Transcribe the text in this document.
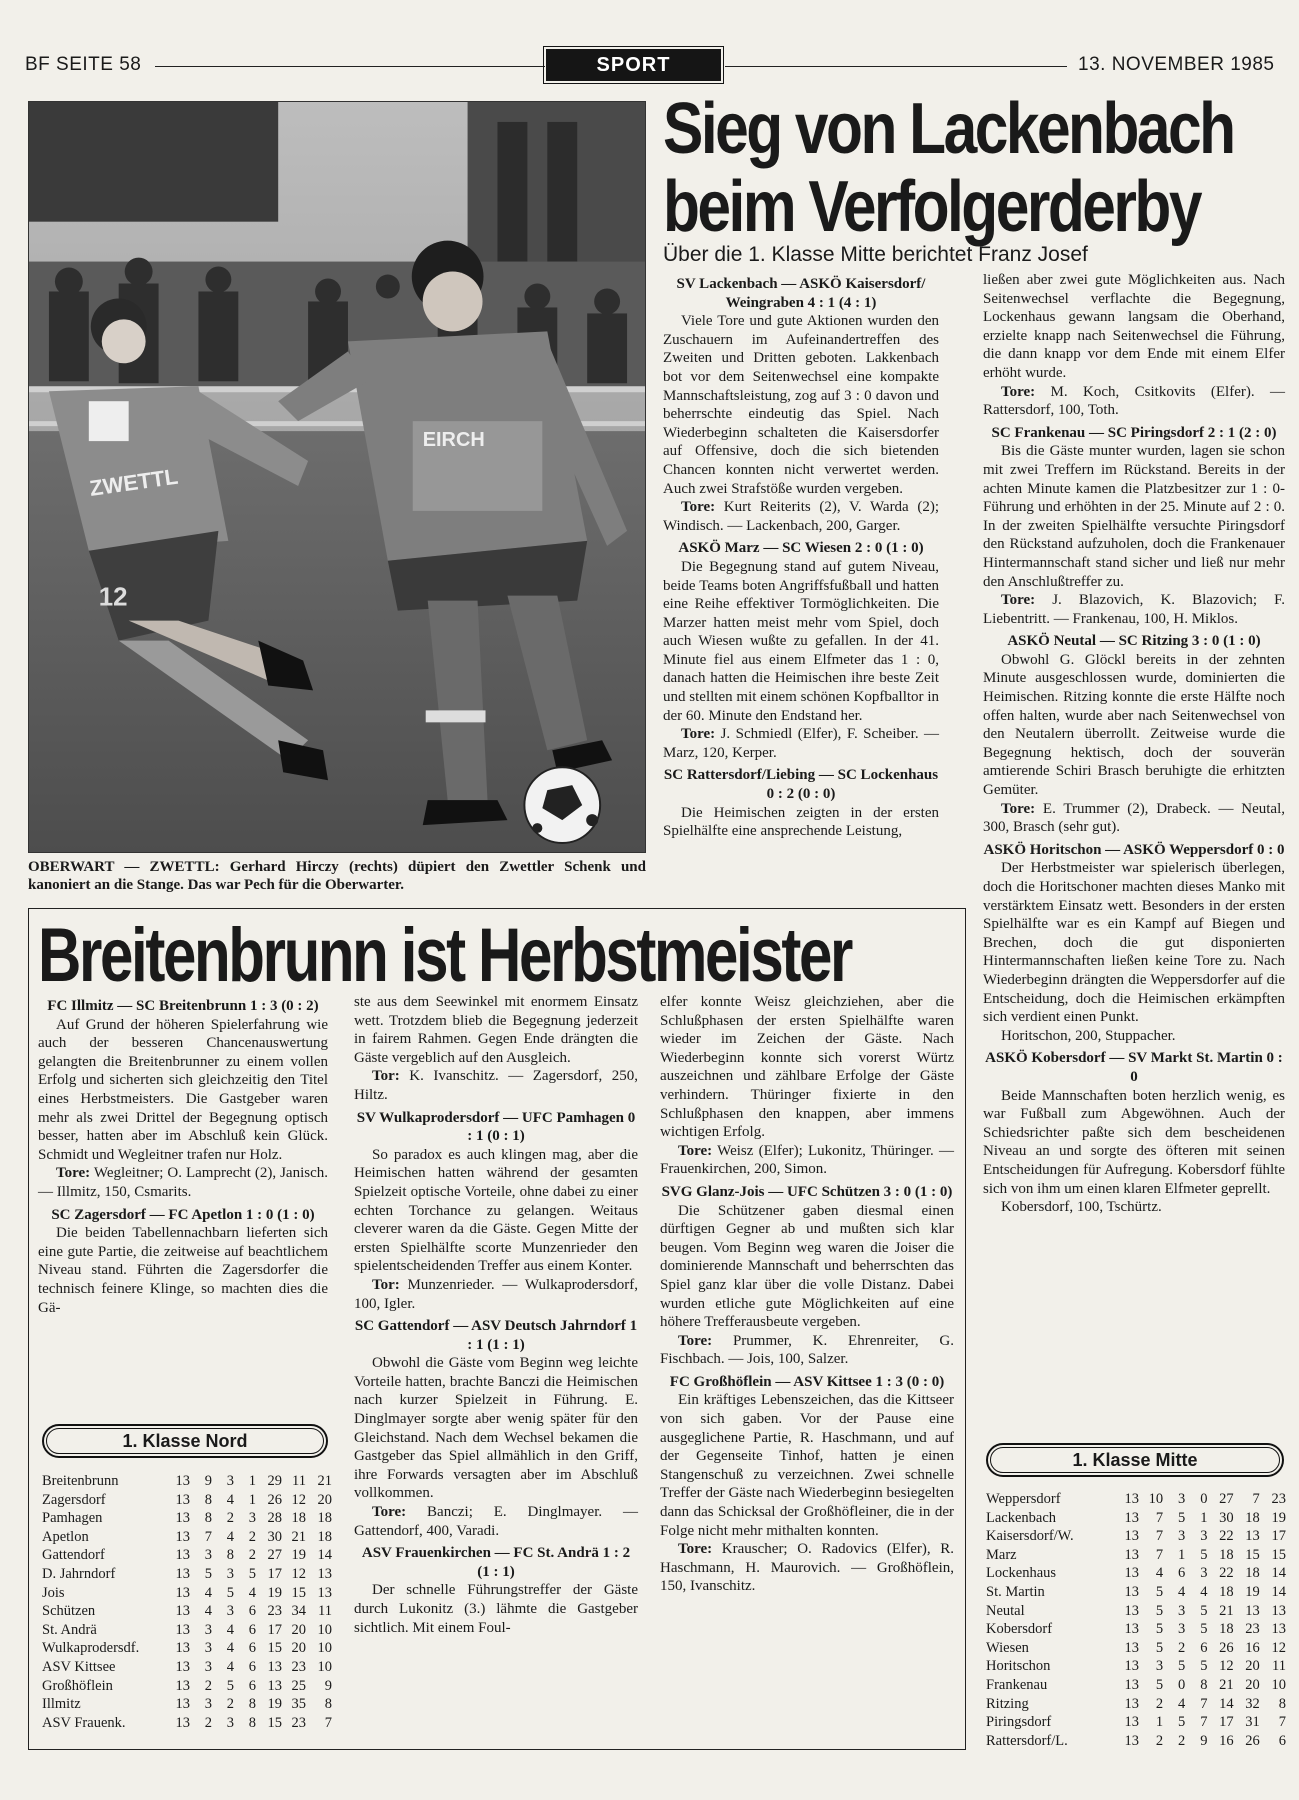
BF SEITE 58	SPORT	13. NOVEMBER 1985
ZWETTL
12
EIRCH
OBERWART — ZWETTL: Gerhard Hirczy (rechts) düpiert den Zwettler Schenk und kanoniert an die Stange. Das war Pech für die Oberwarter.
Sieg von Lackenbach
beim Verfolgerderby
Über die 1. Klasse Mitte berichtet Franz Josef
SV Lackenbach — ASKÖ Kaisersdorf/ Weingraben 4 : 1 (4 : 1)
Viele Tore und gute Aktionen wurden den Zuschauern im Aufeinandertreffen des Zweiten und Dritten geboten. Lakkenbach bot vor dem Seitenwechsel eine kompakte Mannschaftsleistung, zog auf 3 : 0 davon und beherrschte eindeutig das Spiel. Nach Wiederbeginn schalteten die Kaisersdorfer auf Offensive, doch die sich bietenden Chancen konnten nicht verwertet werden. Auch zwei Strafstöße wurden vergeben.
Tore: Kurt Reiterits (2), V. Warda (2); Windisch. — Lackenbach, 200, Garger.
ASKÖ Marz — SC Wiesen 2 : 0 (1 : 0)
Die Begegnung stand auf gutem Niveau, beide Teams boten Angriffsfußball und hatten eine Reihe effektiver Tormöglichkeiten. Die Marzer hatten meist mehr vom Spiel, doch auch Wiesen wußte zu gefallen. In der 41. Minute fiel aus einem Elfmeter das 1 : 0, danach hatten die Heimischen ihre beste Zeit und stellten mit einem schönen Kopfballtor in der 60. Minute den Endstand her.
Tore: J. Schmiedl (Elfer), F. Scheiber. — Marz, 120, Kerper.
SC Rattersdorf/Liebing — SC Lockenhaus 0 : 2 (0 : 0)
Die Heimischen zeigten in der ersten Spielhälfte eine ansprechende Leistung,
ließen aber zwei gute Möglichkeiten aus. Nach Seitenwechsel verflachte die Begegnung, Lockenhaus gewann langsam die Oberhand, erzielte knapp nach Seitenwechsel die Führung, die dann knapp vor dem Ende mit einem Elfer erhöht wurde.
Tore: M. Koch, Csitkovits (Elfer). — Rattersdorf, 100, Toth.
SC Frankenau — SC Piringsdorf 2 : 1 (2 : 0)
Bis die Gäste munter wurden, lagen sie schon mit zwei Treffern im Rückstand. Bereits in der achten Minute kamen die Platzbesitzer zur 1 : 0-Führung und erhöhten in der 25. Minute auf 2 : 0. In der zweiten Spielhälfte versuchte Piringsdorf den Rückstand aufzuholen, doch die Frankenauer Hintermannschaft stand sicher und ließ nur mehr den Anschlußtreffer zu.
Tore: J. Blazovich, K. Blazovich; F. Liebentritt. — Frankenau, 100, H. Miklos.
ASKÖ Neutal — SC Ritzing 3 : 0 (1 : 0)
Obwohl G. Glöckl bereits in der zehnten Minute ausgeschlossen wurde, dominierten die Heimischen. Ritzing konnte die erste Hälfte noch offen halten, wurde aber nach Seitenwechsel von den Neutalern überrollt. Zeitweise wurde die Begegnung hektisch, doch der souverän amtierende Schiri Brasch beruhigte die erhitzten Gemüter.
Tore: E. Trummer (2), Drabeck. — Neutal, 300, Brasch (sehr gut).
ASKÖ Horitschon — ASKÖ Weppersdorf 0 : 0
Der Herbstmeister war spielerisch überlegen, doch die Horitschoner machten dieses Manko mit verstärktem Einsatz wett. Besonders in der ersten Spielhälfte war es ein Kampf auf Biegen und Brechen, doch die gut disponierten Hintermannschaften ließen keine Tore zu. Nach Wiederbeginn drängten die Weppersdorfer auf die Entscheidung, doch die Heimischen erkämpften sich verdient einen Punkt.
Horitschon, 200, Stuppacher.
ASKÖ Kobersdorf — SV Markt St. Martin 0 : 0
Beide Mannschaften boten herzlich wenig, es war Fußball zum Abgewöhnen. Auch der Schiedsrichter paßte sich dem bescheidenen Niveau an und sorgte des öfteren mit seinen Entscheidungen für Aufregung. Kobersdorf fühlte sich von ihm um einen klaren Elfmeter geprellt.
Kobersdorf, 100, Tschürtz.
Breitenbrunn ist Herbstmeister
FC Illmitz — SC Breitenbrunn 1 : 3 (0 : 2)
Auf Grund der höheren Spielerfahrung wie auch der besseren Chancenauswertung gelangten die Breitenbrunner zu einem vollen Erfolg und sicherten sich gleichzeitig den Titel eines Herbstmeisters. Die Gastgeber waren mehr als zwei Drittel der Begegnung optisch besser, hatten aber im Abschluß kein Glück. Schmidt und Wegleitner trafen nur Holz.
Tore: Wegleitner; O. Lamprecht (2), Janisch. — Illmitz, 150, Csmarits.
SC Zagersdorf — FC Apetlon 1 : 0 (1 : 0)
Die beiden Tabellennachbarn lieferten sich eine gute Partie, die zeitweise auf beachtlichem Niveau stand. Führten die Zagersdorfer die technisch feinere Klinge, so machten dies die Gä-
ste aus dem Seewinkel mit enormem Einsatz wett. Trotzdem blieb die Begegnung jederzeit in fairem Rahmen. Gegen Ende drängten die Gäste vergeblich auf den Ausgleich.
Tor: K. Ivanschitz. — Zagersdorf, 250, Hiltz.
SV Wulkaprodersdorf — UFC Pamhagen 0 : 1 (0 : 1)
So paradox es auch klingen mag, aber die Heimischen hatten während der gesamten Spielzeit optische Vorteile, ohne dabei zu einer echten Torchance zu gelangen. Weitaus cleverer waren da die Gäste. Gegen Mitte der ersten Spielhälfte scorte Munzenrieder den spielentscheidenden Treffer aus einem Konter.
Tor: Munzenrieder. — Wulkaprodersdorf, 100, Igler.
SC Gattendorf — ASV Deutsch Jahrndorf 1 : 1 (1 : 1)
Obwohl die Gäste vom Beginn weg leichte Vorteile hatten, brachte Banczi die Heimischen nach kurzer Spielzeit in Führung. E. Dinglmayer sorgte aber wenig später für den Gleichstand. Nach dem Wechsel bekamen die Gastgeber das Spiel allmählich in den Griff, ihre Forwards versagten aber im Abschluß vollkommen.
Tore: Banczi; E. Dinglmayer. — Gattendorf, 400, Varadi.
ASV Frauenkirchen — FC St. Andrä 1 : 2 (1 : 1)
Der schnelle Führungstreffer der Gäste durch Lukonitz (3.) lähmte die Gastgeber sichtlich. Mit einem Foul-
elfer konnte Weisz gleichziehen, aber die Schlußphasen der ersten Spielhälfte waren wieder im Zeichen der Gäste. Nach Wiederbeginn konnte sich vorerst Würtz auszeichnen und zählbare Erfolge der Gäste verhindern. Thüringer fixierte in den Schlußphasen den knappen, aber immens wichtigen Erfolg.
Tore: Weisz (Elfer); Lukonitz, Thüringer. — Frauenkirchen, 200, Simon.
SVG Glanz-Jois — UFC Schützen 3 : 0 (1 : 0)
Die Schützener gaben diesmal einen dürftigen Gegner ab und mußten sich klar beugen. Vom Beginn weg waren die Joiser die dominierende Mannschaft und beherrschten das Spiel ganz klar über die volle Distanz. Dabei wurden etliche gute Möglichkeiten auf eine höhere Trefferausbeute vergeben.
Tore: Prummer, K. Ehrenreiter, G. Fischbach. — Jois, 100, Salzer.
FC Großhöflein — ASV Kittsee 1 : 3 (0 : 0)
Ein kräftiges Lebenszeichen, das die Kittseer von sich gaben. Vor der Pause eine ausgeglichene Partie, R. Haschmann, und auf der Gegenseite Tinhof, hatten je einen Stangenschuß zu verzeichnen. Zwei schnelle Treffer der Gäste nach Wiederbeginn besiegelten dann das Schicksal der Großhöfleiner, die in der Folge nicht mehr mithalten konnten.
Tore: Krauscher; O. Radovics (Elfer), R. Haschmann, H. Maurovich. — Großhöflein, 150, Ivanschitz.
1. Klasse Nord
Breitenbrunn	13	9	3	1	29	11	21
Zagersdorf	13	8	4	1	26	12	20
Pamhagen	13	8	2	3	28	18	18
Apetlon	13	7	4	2	30	21	18
Gattendorf	13	3	8	2	27	19	14
D. Jahrndorf	13	5	3	5	17	12	13
Jois	13	4	5	4	19	15	13
Schützen	13	4	3	6	23	34	11
St. Andrä	13	3	4	6	17	20	10
Wulkaprodersdf.	13	3	4	6	15	20	10
ASV Kittsee	13	3	4	6	13	23	10
Großhöflein	13	2	5	6	13	25	9
Illmitz	13	3	2	8	19	35	8
ASV Frauenk.	13	2	3	8	15	23	7
1. Klasse Mitte
Weppersdorf	13	10	3	0	27	7	23
Lackenbach	13	7	5	1	30	18	19
Kaisersdorf/W.	13	7	3	3	22	13	17
Marz	13	7	1	5	18	15	15
Lockenhaus	13	4	6	3	22	18	14
St. Martin	13	5	4	4	18	19	14
Neutal	13	5	3	5	21	13	13
Kobersdorf	13	5	3	5	18	23	13
Wiesen	13	5	2	6	26	16	12
Horitschon	13	3	5	5	12	20	11
Frankenau	13	5	0	8	21	20	10
Ritzing	13	2	4	7	14	32	8
Piringsdorf	13	1	5	7	17	31	7
Rattersdorf/L.	13	2	2	9	16	26	6
